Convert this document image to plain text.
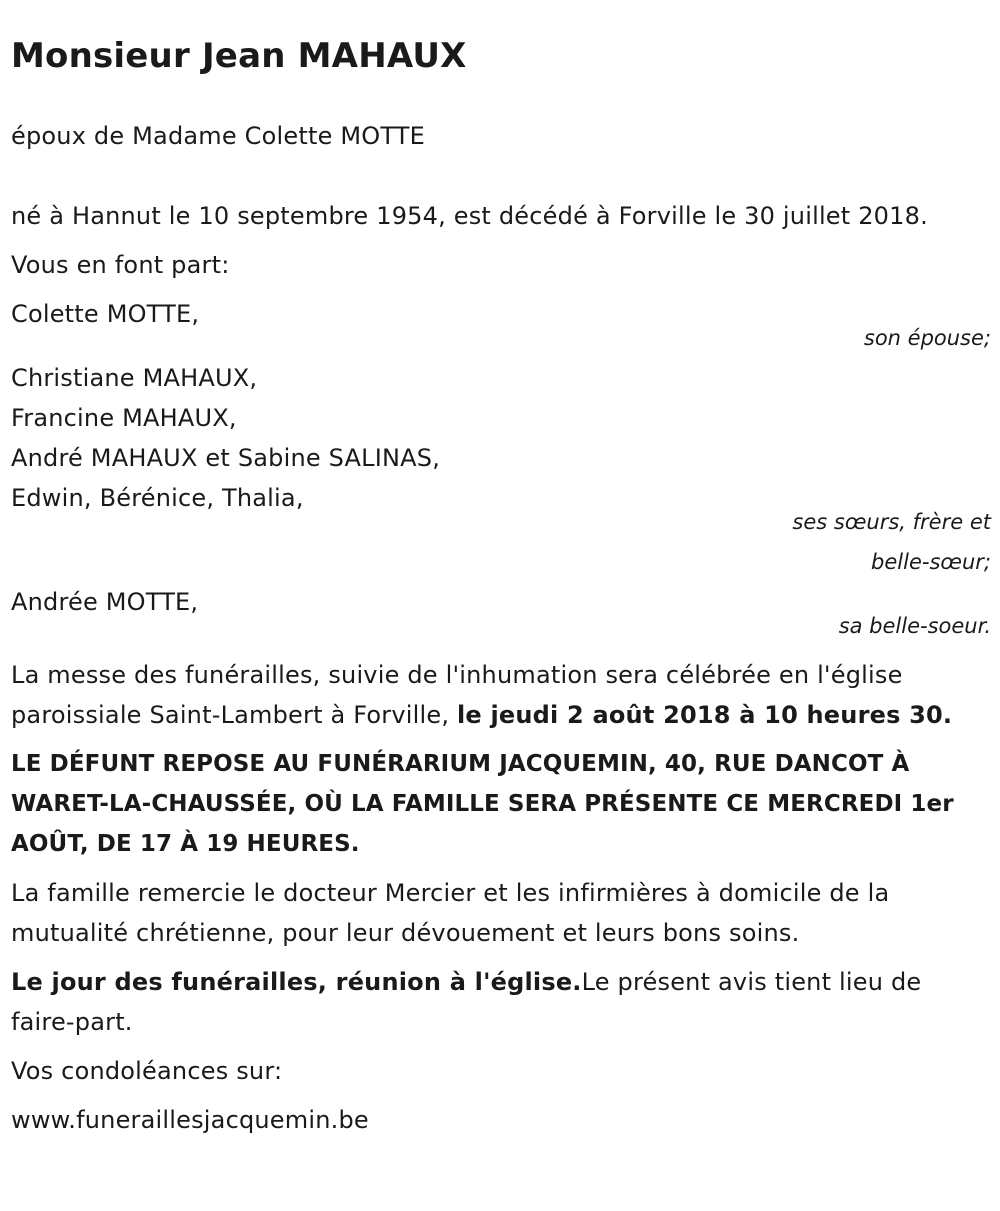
Monsieur Jean MAHAUX

époux de Madame Colette MOTTE

né à Hannut le 10 septembre 1954, est décédé à Forville le 30 juillet 2018.

Vous en font part:

Colette MOTTE,

son épouse;

Christiane MAHAUX,

Francine MAHAUX,

André MAHAUX et Sabine SALINAS,

Edwin, Bérénice, Thalia,

ses sœurs, frère et

belle-sœur;

Andrée MOTTE,

sa belle-soeur.

La messe des funérailles, suivie de l'inhumation sera célébrée en l'église paroissiale Saint-Lambert à Forville, le jeudi 2 août 2018 à 10 heures 30.

LE DÉFUNT REPOSE AU FUNÉRARIUM JACQUEMIN, 40, RUE DANCOT À WARET-LA-CHAUSSÉE, OÙ LA FAMILLE SERA PRÉSENTE CE MERCREDI 1er AOÛT, DE 17 À 19 HEURES.

La famille remercie le docteur Mercier et les infirmières à domicile de la mutualité chrétienne, pour leur dévouement et leurs bons soins.

Le jour des funérailles, réunion à l'église.Le présent avis tient lieu de faire-part.

Vos condoléances sur:

www.funeraillesjacquemin.be
